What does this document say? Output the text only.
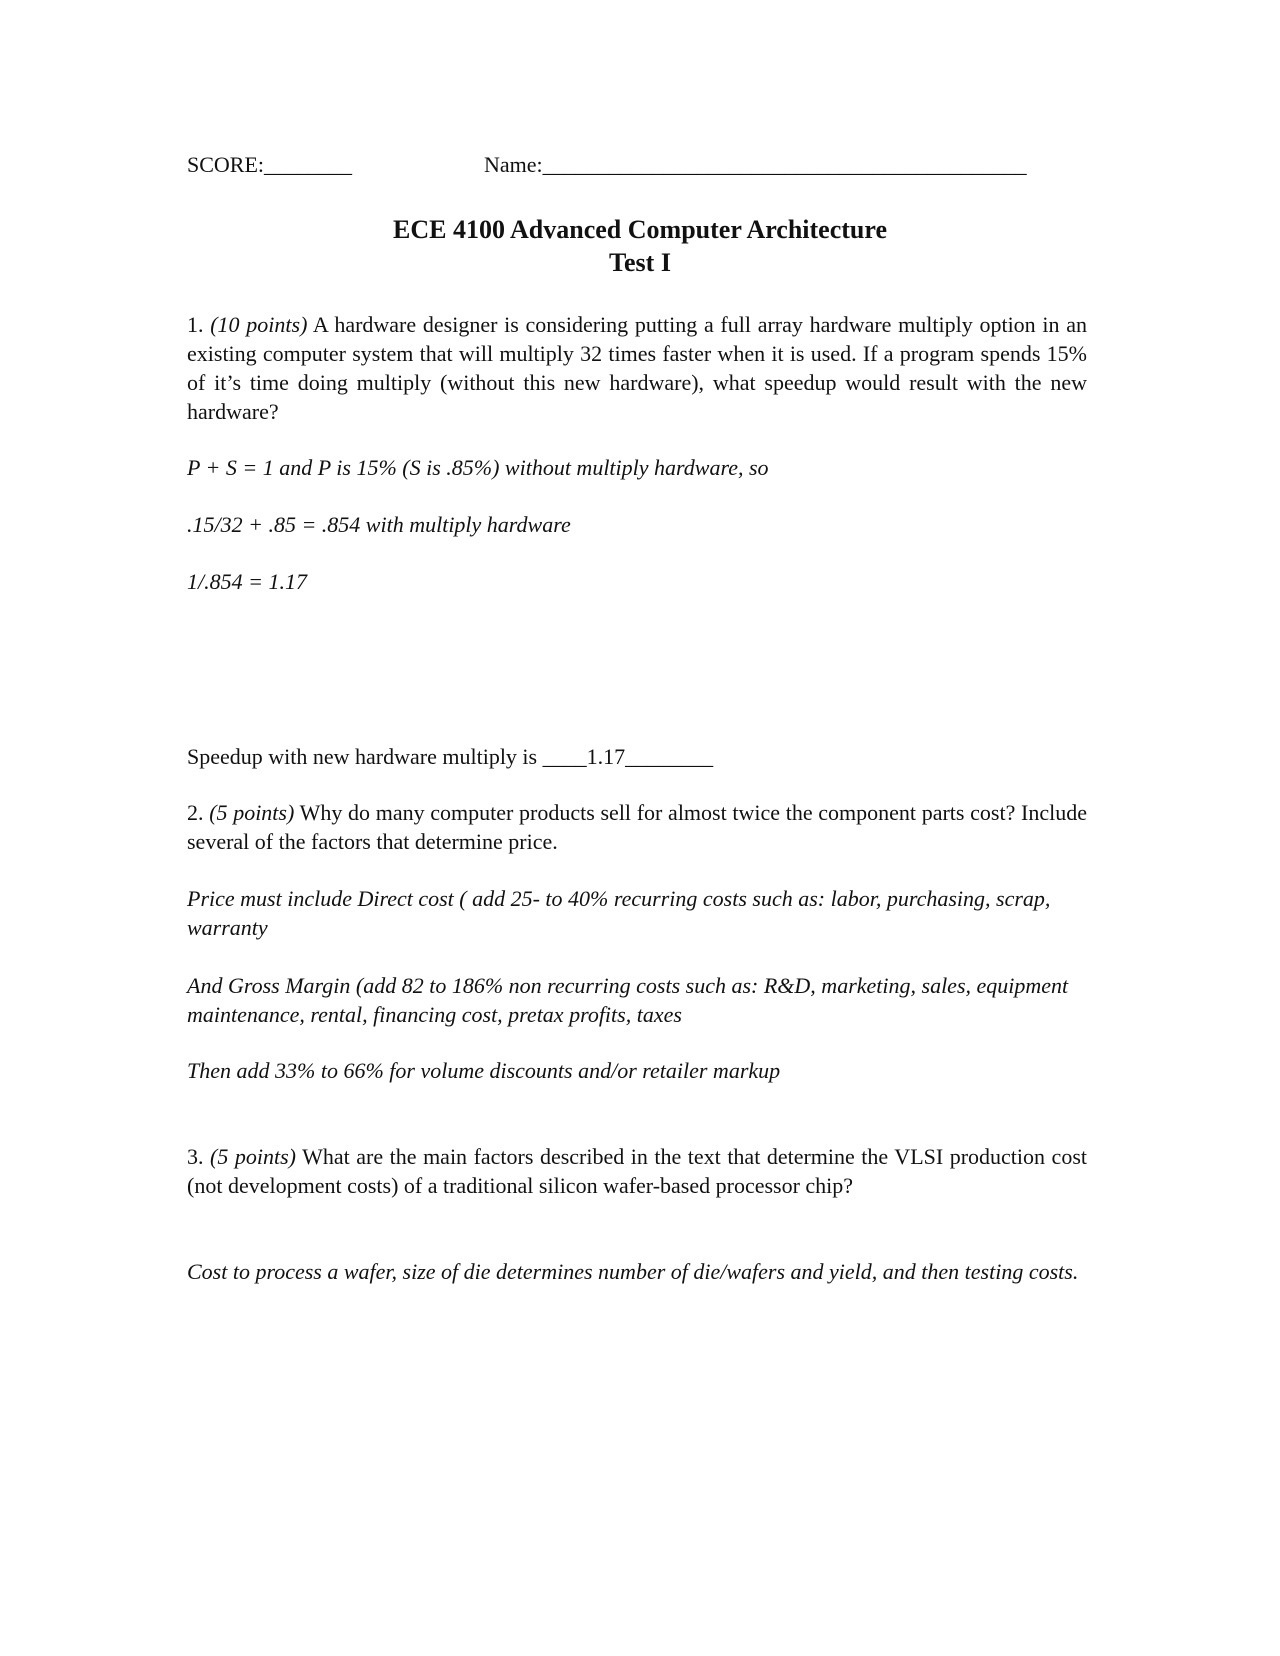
SCORE:________	Name:____________________________________________
ECE 4100 Advanced Computer Architecture
Test I

1. (10 points) A hardware designer is considering putting a full array hardware multiply option in an existing computer system that will multiply 32 times faster when it is used. If a program spends 15% of it’s time doing multiply (without this new hardware), what speedup would result with the new hardware?

P + S = 1 and P is 15% (S is .85%) without multiply hardware, so

.15/32 + .85 = .854 with multiply hardware

1/.854 = 1.17

Speedup with new hardware multiply is ____1.17________

2. (5 points) Why do many computer products sell for almost twice the component parts cost? Include several of the factors that determine price.

Price must include Direct cost ( add 25- to 40% recurring costs such as: labor, purchasing, scrap, warranty

And Gross Margin (add 82 to 186% non recurring costs such as: R&D, marketing, sales, equipment maintenance, rental, financing cost, pretax profits, taxes

Then add 33% to 66% for volume discounts and/or retailer markup

3. (5 points) What are the main factors described in the text that determine the VLSI production cost (not development costs) of a traditional silicon wafer-based processor chip?

Cost to process a wafer, size of die determines number of die/wafers and yield, and then testing costs.
